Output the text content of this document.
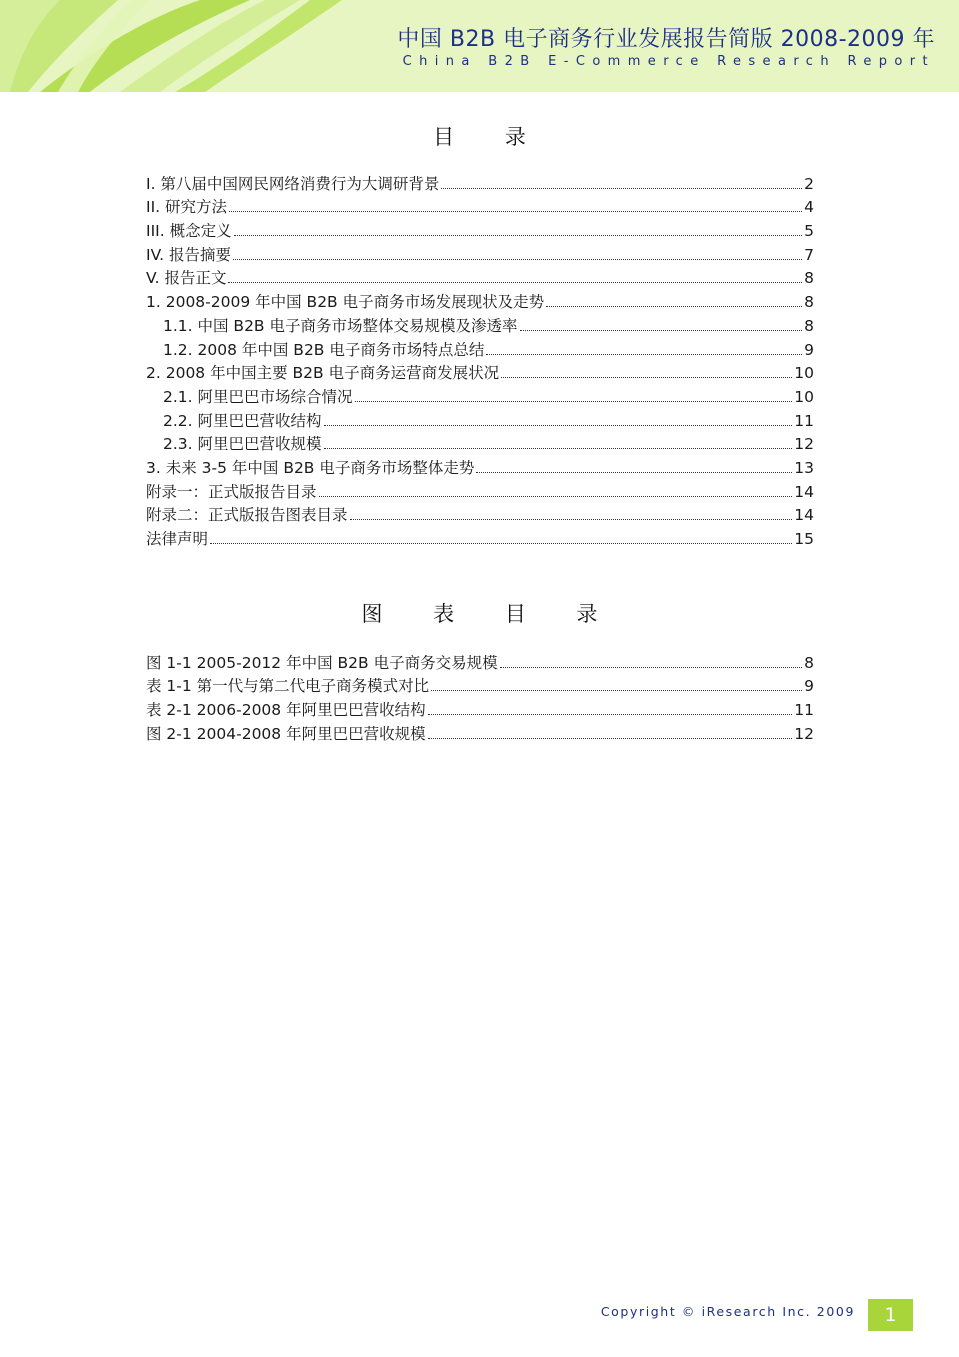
中国 B2B 电子商务行业发展报告简版 2008-2009 年
China B2B E-Commerce Research Report
目 录
I. 第八届中国网民网络消费行为大调研背景	2
II. 研究方法	4
III. 概念定义	5
IV. 报告摘要	7
V. 报告正文	8
1. 2008-2009 年中国 B2B 电子商务市场发展现状及走势	8
1.1. 中国 B2B 电子商务市场整体交易规模及渗透率	8
1.2. 2008 年中国 B2B 电子商务市场特点总结	9
2. 2008 年中国主要 B2B 电子商务运营商发展状况	10
2.1. 阿里巴巴市场综合情况	10
2.2. 阿里巴巴营收结构	11
2.3. 阿里巴巴营收规模	12
3. 未来 3-5 年中国 B2B 电子商务市场整体走势	13
附录一：正式版报告目录	14
附录二：正式版报告图表目录	14
法律声明	15
图 表 目 录
图 1-1 2005-2012 年中国 B2B 电子商务交易规模	8
表 1-1 第一代与第二代电子商务模式对比	9
表 2-1 2006-2008 年阿里巴巴营收结构	11
图 2-1 2004-2008 年阿里巴巴营收规模	12
Copyright © iResearch Inc. 2009	1
